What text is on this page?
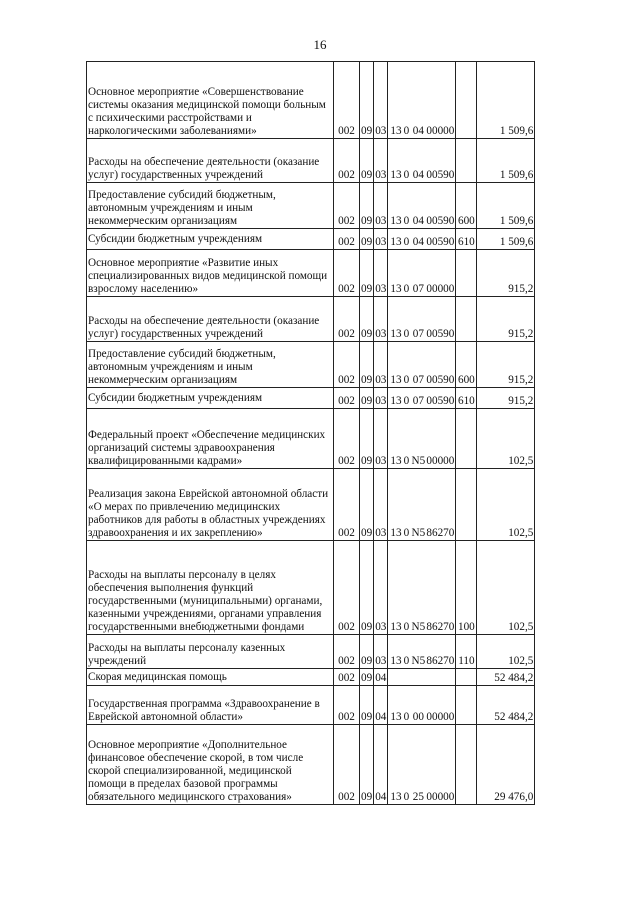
16
Основное мероприятие «Совершенствование системы оказания медицинской помощи больным с психическими расстройствами и наркологическими заболеваниями»	002	09	03	13 0 04 00000		1 509,6
Расходы на обеспечение деятельности (оказание услуг) государственных учреждений	002	09	03	13 0 04 00590		1 509,6
Предоставление субсидий бюджетным, автономным учреждениям и иным некоммерческим организациям	002	09	03	13 0 04 00590	600	1 509,6
Субсидии бюджетным учреждениям	002	09	03	13 0 04 00590	610	1 509,6
Основное мероприятие «Развитие иных специализированных видов медицинской помощи взрослому населению»	002	09	03	13 0 07 00000		915,2
Расходы на обеспечение деятельности (оказание услуг) государственных учреждений	002	09	03	13 0 07 00590		915,2
Предоставление субсидий бюджетным, автономным учреждениям и иным некоммерческим организациям	002	09	03	13 0 07 00590	600	915,2
Субсидии бюджетным учреждениям	002	09	03	13 0 07 00590	610	915,2
Федеральный проект «Обеспечение медицинских организаций системы здравоохранения квалифицированными кадрами»	002	09	03	13 0 N5 00000		102,5
Реализация закона Еврейской автономной области «О мерах по привлечению медицинских работников для работы в областных учреждениях здравоохранения и их закреплению»	002	09	03	13 0 N5 86270		102,5
Расходы на выплаты персоналу в целях обеспечения выполнения функций государственными (муниципальными) органами, казенными учреждениями, органами управления государственными внебюджетными фондами	002	09	03	13 0 N5 86270	100	102,5
Расходы на выплаты персоналу казенных учреждений	002	09	03	13 0 N5 86270	110	102,5
Скорая медицинская помощь	002	09	04			52 484,2
Государственная программа «Здравоохранение в Еврейской автономной области»	002	09	04	13 0 00 00000		52 484,2
Основное мероприятие «Дополнительное финансовое обеспечение скорой, в том числе скорой специализированной, медицинской помощи в пределах базовой программы обязательного медицинского страхования»	002	09	04	13 0 25 00000		29 476,0
